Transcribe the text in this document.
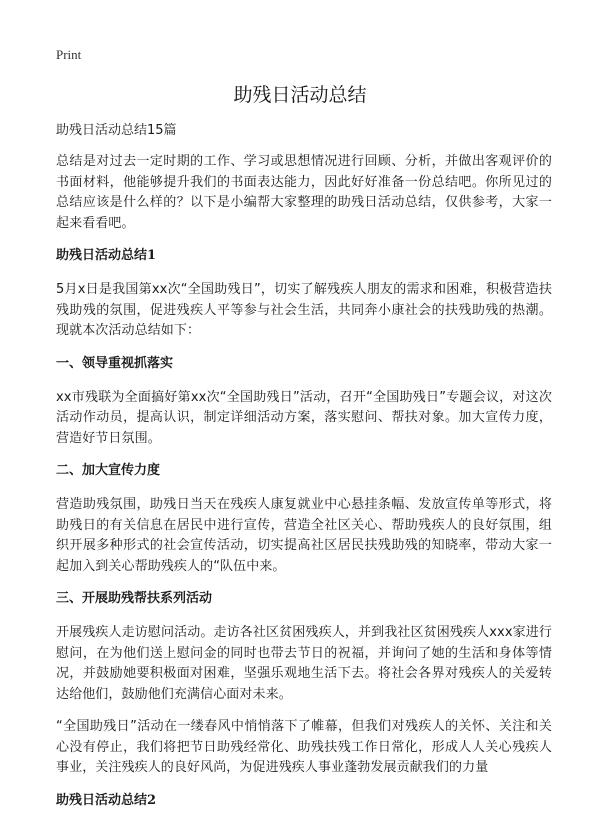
Print
助残日活动总结
助残日活动总结15篇

总结是对过去一定时期的工作、学习或思想情况进行回顾、分析，并做出客观评价的书面材料，他能够提升我们的书面表达能力，因此好好准备一份总结吧。你所见过的总结应该是什么样的？以下是小编帮大家整理的助残日活动总结，仅供参考，大家一起来看看吧。

助残日活动总结1

5月x日是我国第xx次“全国助残日”，切实了解残疾人朋友的需求和困难，积极营造扶残助残的氛围，促进残疾人平等参与社会生活，共同奔小康社会的扶残助残的热潮。现就本次活动总结如下：

一、领导重视抓落实

xx市残联为全面搞好第xx次“全国助残日”活动，召开“全国助残日”专题会议，对这次活动作动员，提高认识，制定详细活动方案，落实慰问、帮扶对象。加大宣传力度，营造好节日氛围。

二、加大宣传力度

营造助残氛围，助残日当天在残疾人康复就业中心悬挂条幅、发放宣传单等形式，将助残日的有关信息在居民中进行宣传，营造全社区关心、帮助残疾人的良好氛围，组织开展多种形式的社会宣传活动，切实提高社区居民扶残助残的知晓率，带动大家一起加入到关心帮助残疾人的“队伍中来。

三、开展助残帮扶系列活动

开展残疾人走访慰问活动。走访各社区贫困残疾人，并到我社区贫困残疾人xxx家进行慰问，在为他们送上慰问金的同时也带去节日的祝福，并询问了她的生活和身体等情况，并鼓励她要积极面对困难，坚强乐观地生活下去。将社会各界对残疾人的关爱转达给他们，鼓励他们充满信心面对未来。

“全国助残日”活动在一缕春风中悄悄落下了帷幕，但我们对残疾人的关怀、关注和关心没有停止，我们将把节日助残经常化、助残扶残工作日常化，形成人人关心残疾人事业，关注残疾人的良好风尚，为促进残疾人事业蓬勃发展贡献我们的力量

助残日活动总结2
